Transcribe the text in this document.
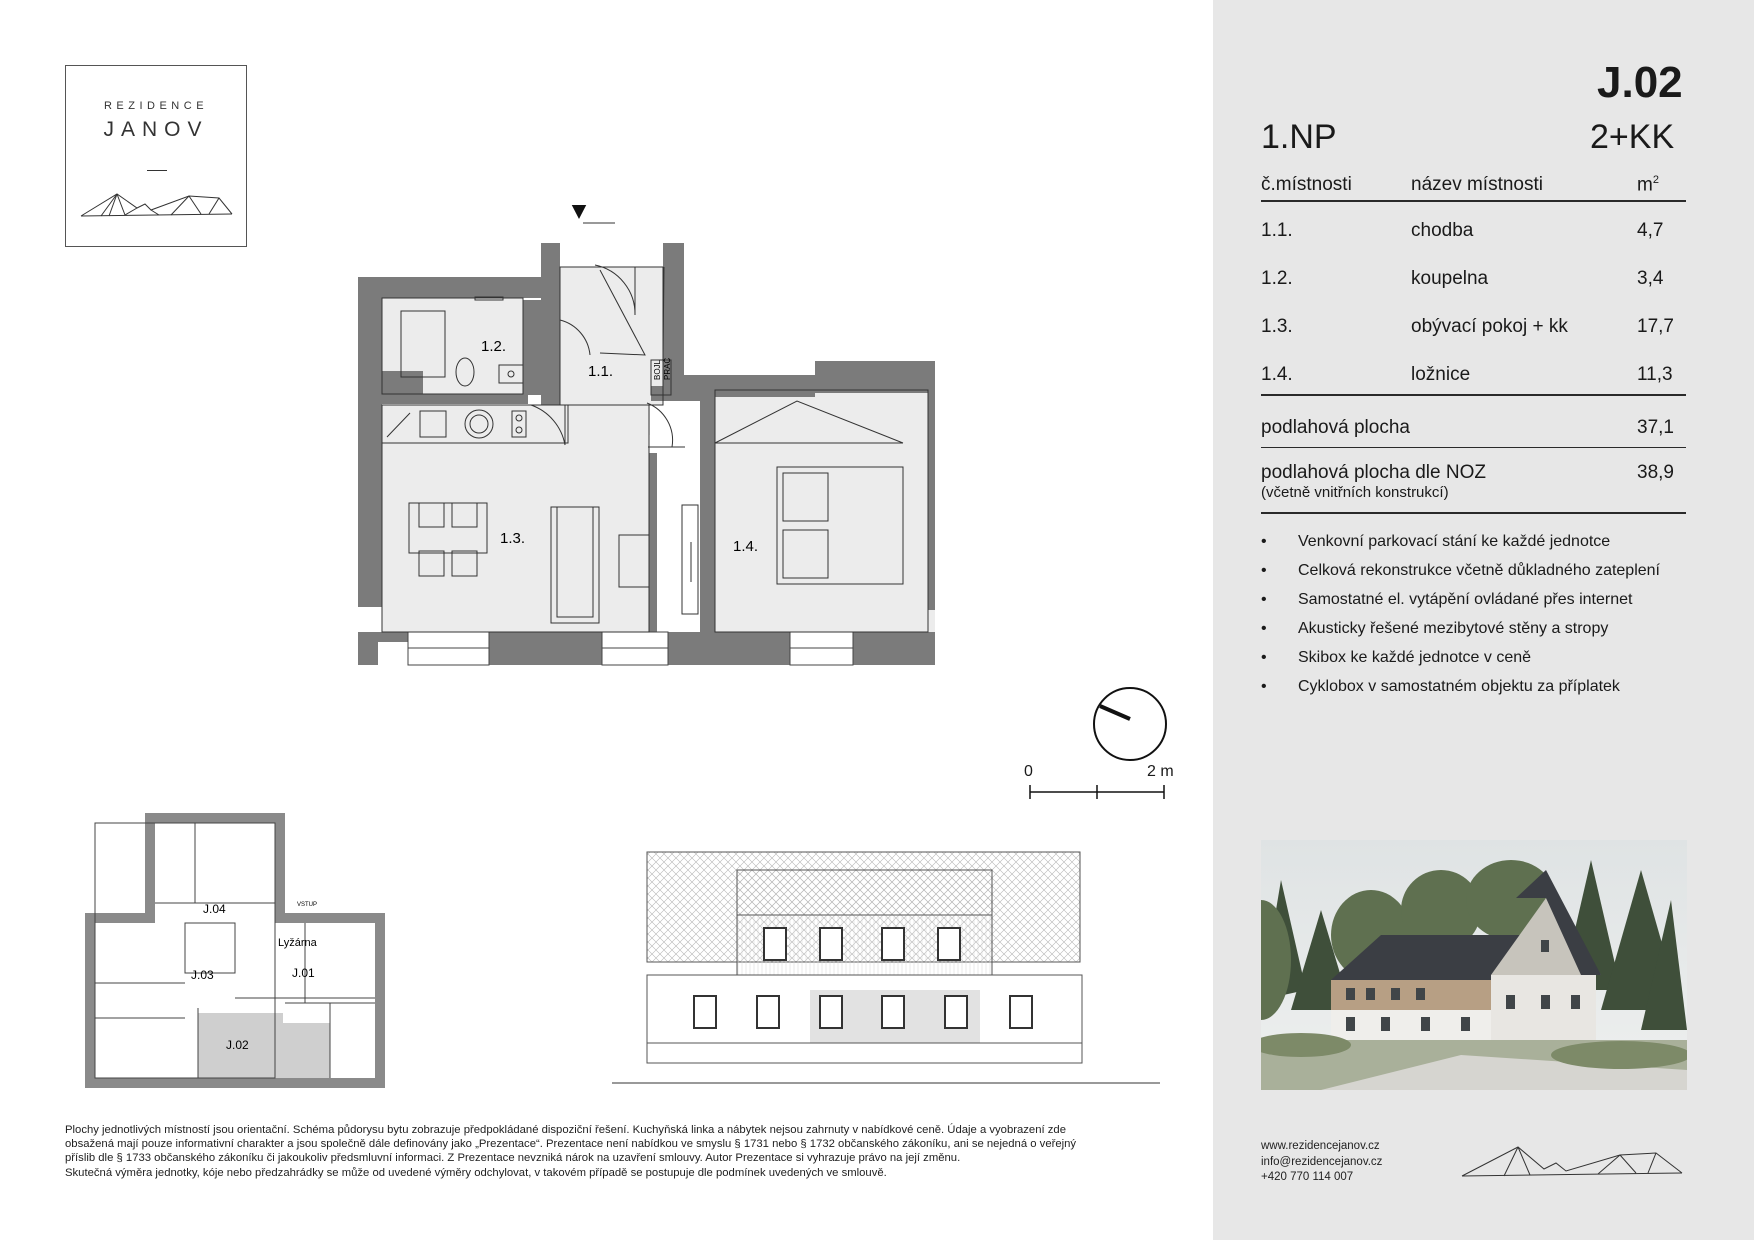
REZIDENCE
JANOV
1.2.
1.1.
1.3.	1.4.
BOJL PRAČ
0	2 m
J.04
J.03	J.01
J.02
Lyžárna
VSTUP
J.02
1.NP	2+KK
č.místnosti	název místnosti	$m^2$
1.1.	chodba	4,7
1.2.	koupelna	3,4
1.3.	obývací pokoj + kk	17,7
1.4.	ložnice	11,3
podlahová plocha	37,1
podlahová plocha dle NOZ
(včetně vnitřních konstrukcí)
38,9
• Venkovní parkovací stání ke každé jednotce
• Celková rekonstrukce včetně důkladného zateplení
• Samostatné el. vytápění ovládané přes internet
• Akusticky řešené mezibytové stěny a stropy
• Skibox ke každé jednotce v ceně
• Cyklobox v samostatném objektu za příplatek
Plochy jednotlivých místností jsou orientační. Schéma půdorysu bytu zobrazuje předpokládané dispoziční řešení. Kuchyňská linka a nábytek nejsou zahrnuty v nabídkové ceně. Údaje a vyobrazení zde
obsažená mají pouze informativní charakter a jsou společně dále definovány jako „Prezentace“. Prezentace není nabídkou ve smyslu § 1731 nebo § 1732 občanského zákoníku, ani se nejedná o veřejný
příslib dle § 1733 občanského zákoníku či jakoukoliv předsmluvní informaci. Z Prezentace nevzniká nárok na uzavření smlouvy. Autor Prezentace si vyhrazuje právo na její změnu.
Skutečná výměra jednotky, kóje nebo předzahrádky se může od uvedené výměry odchylovat, v takovém případě se postupuje dle podmínek uvedených ve smlouvě.
www.rezidencejanov.cz
info@rezidencejanov.cz
+420 770 114 007
